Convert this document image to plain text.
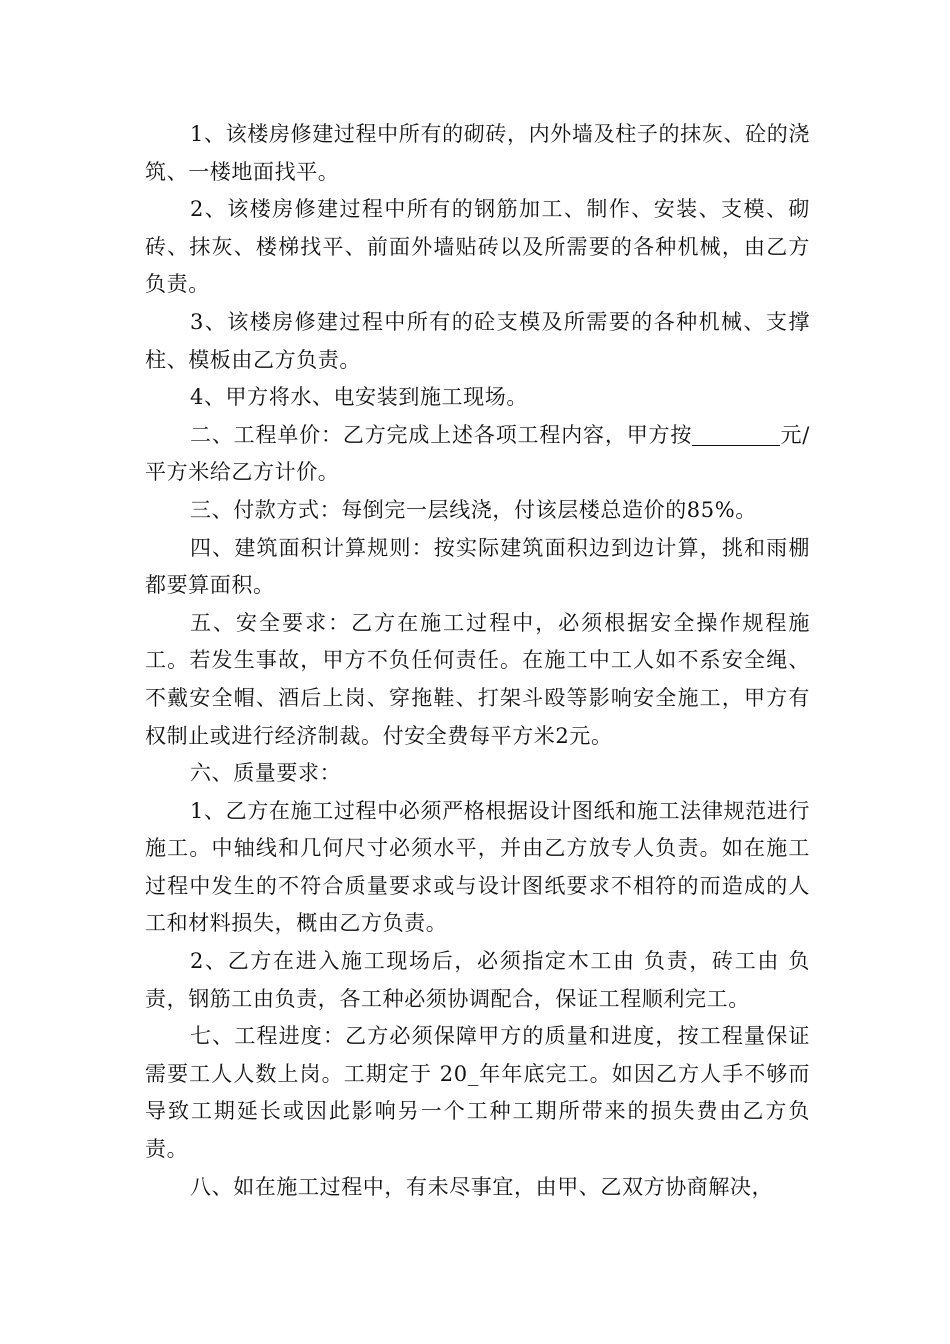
1、该楼房修建过程中所有的砌砖，内外墙及柱子的抹灰、砼的浇筑、一楼地面找平。

2、该楼房修建过程中所有的钢筋加工、制作、安装、支模、砌砖、抹灰、楼梯找平、前面外墙贴砖以及所需要的各种机械，由乙方负责。

3、该楼房修建过程中所有的砼支模及所需要的各种机械、支撑柱、模板由乙方负责。

4、甲方将水、电安装到施工现场。

二、工程单价：乙方完成上述各项工程内容，甲方按	元/平方米给乙方计价。

三、付款方式：每倒完一层线浇，付该层楼总造价的85%。

四、建筑面积计算规则：按实际建筑面积边到边计算，挑和雨棚都要算面积。

五、安全要求：乙方在施工过程中，必须根据安全操作规程施工。若发生事故，甲方不负任何责任。在施工中工人如不系安全绳、不戴安全帽、酒后上岗、穿拖鞋、打架斗殴等影响安全施工，甲方有权制止或进行经济制裁。付安全费每平方米2元。

六、质量要求：

1、乙方在施工过程中必须严格根据设计图纸和施工法律规范进行施工。中轴线和几何尺寸必须水平，并由乙方放专人负责。如在施工过程中发生的不符合质量要求或与设计图纸要求不相符的而造成的人工和材料损失，概由乙方负责。

2、乙方在进入施工现场后，必须指定木工由 负责，砖工由 负责，钢筋工由负责，各工种必须协调配合，保证工程顺利完工。

七、工程进度：乙方必须保障甲方的质量和进度，按工程量保证需要工人人数上岗。工期定于 20_年年底完工。如因乙方人手不够而导致工期延长或因此影响另一个工种工期所带来的损失费由乙方负责。

八、如在施工过程中，有未尽事宜，由甲、乙双方协商解决，
